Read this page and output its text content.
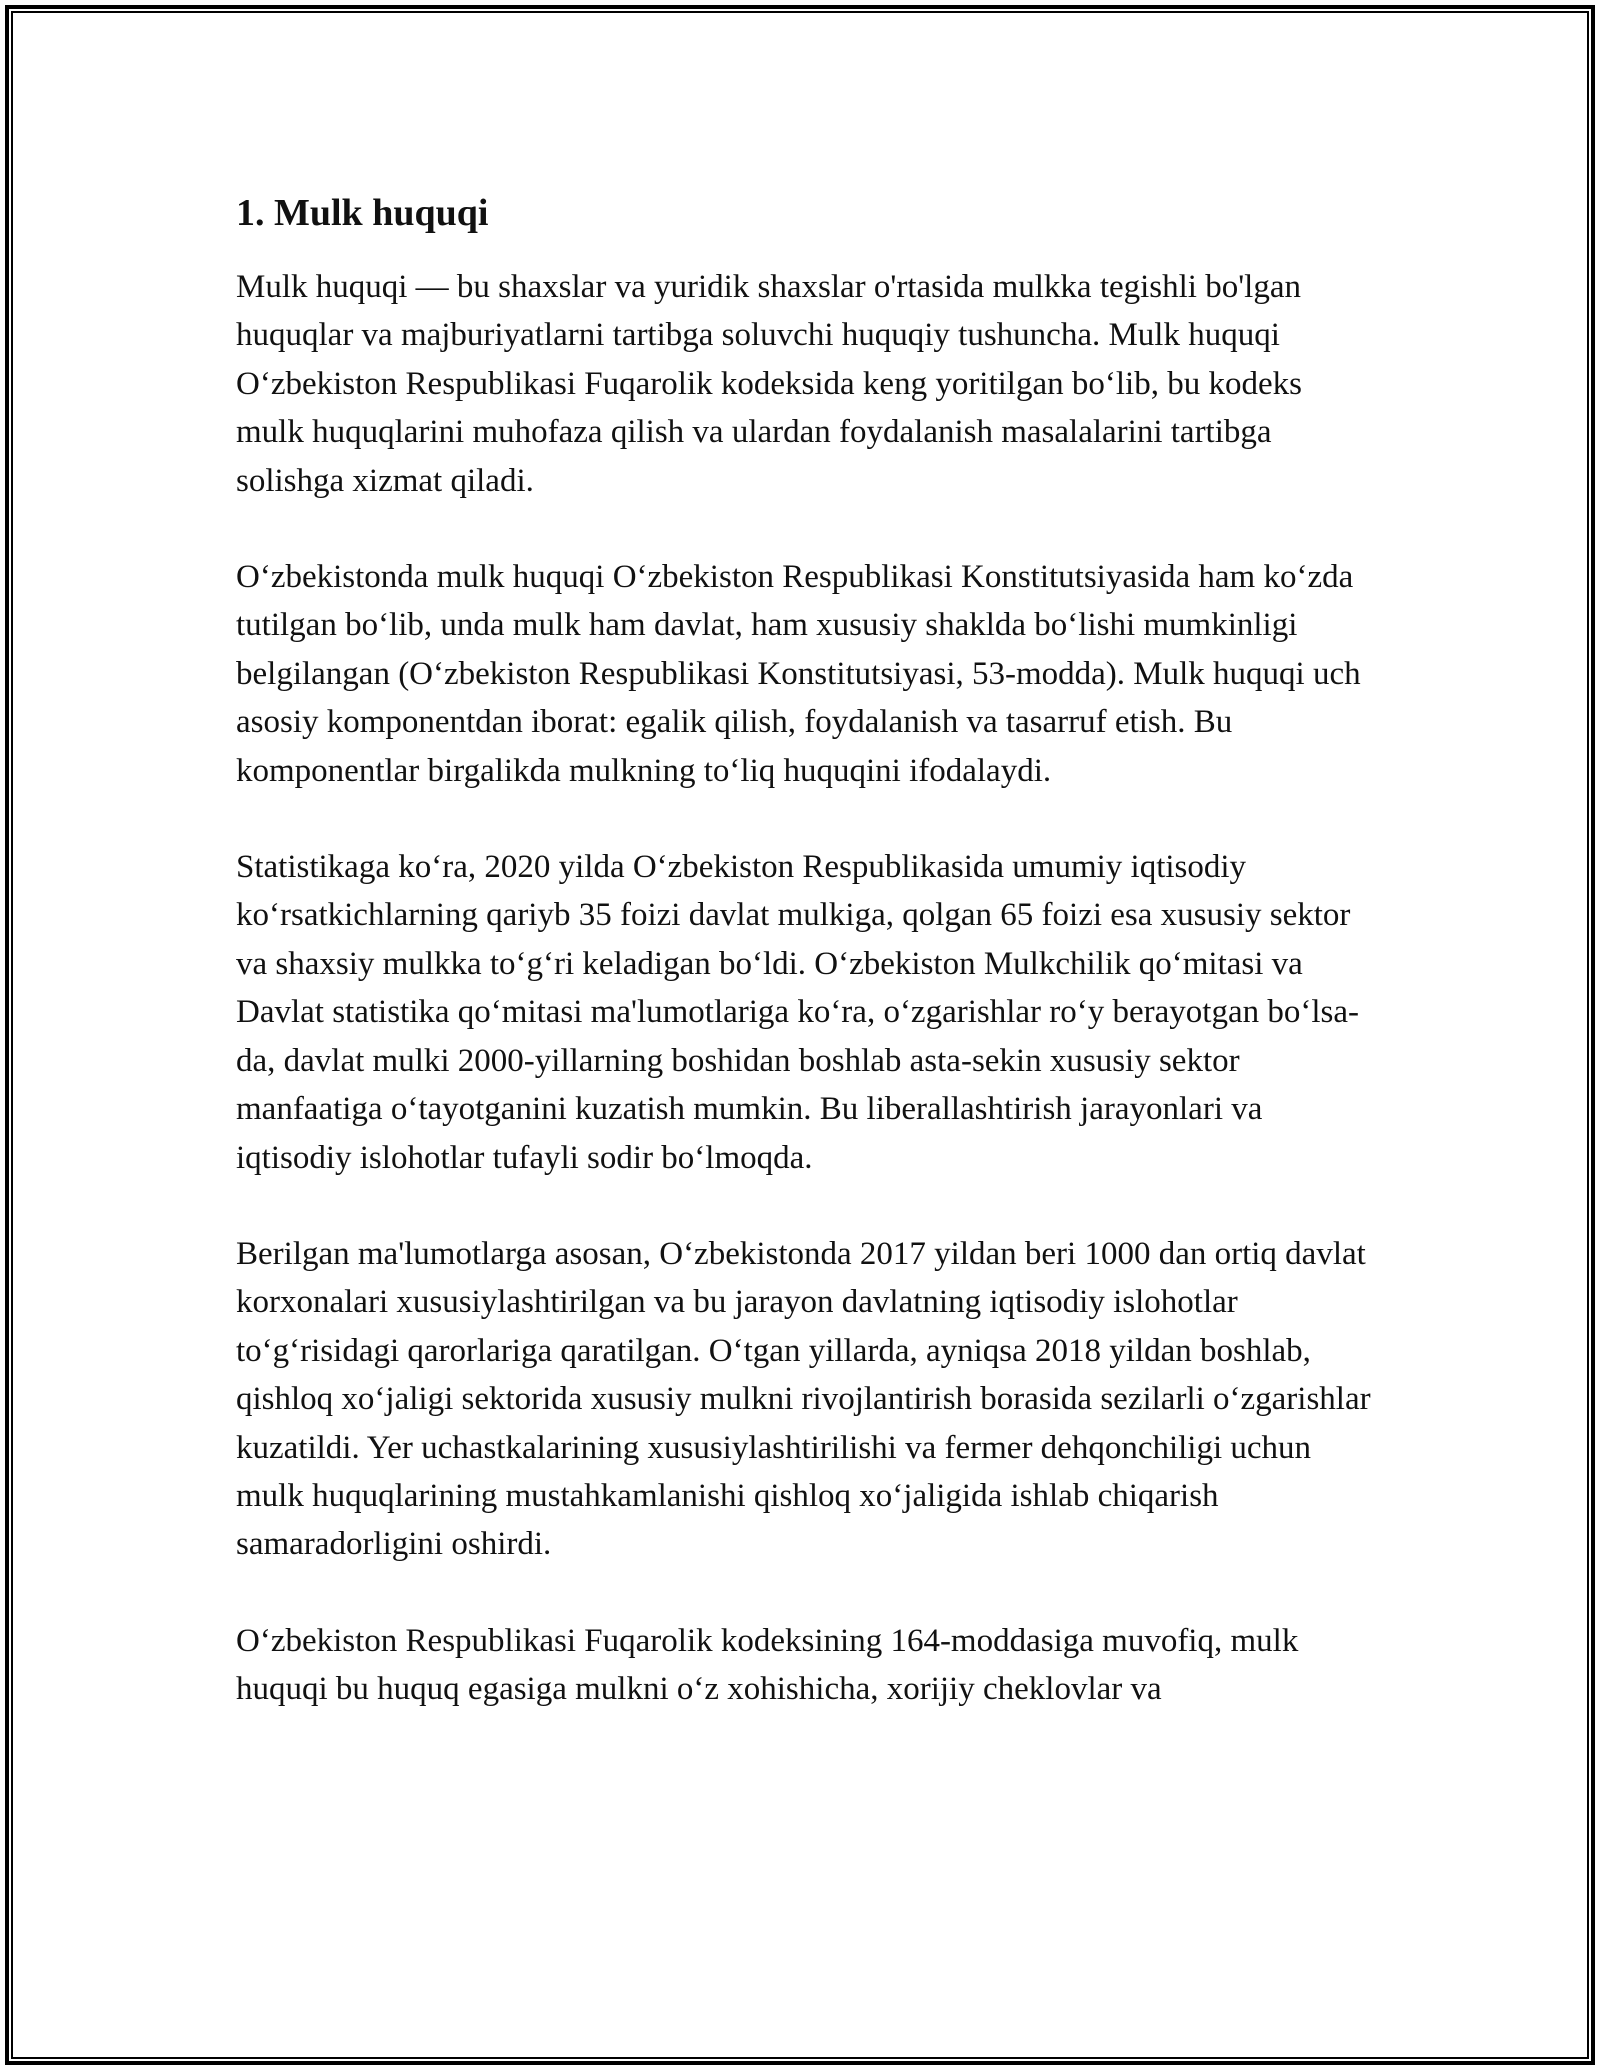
1. Mulk huquqi

Mulk huquqi — bu shaxslar va yuridik shaxslar o'rtasida mulkka tegishli bo'lgan huquqlar va majburiyatlarni tartibga soluvchi huquqiy tushuncha. Mulk huquqi O‘zbekiston Respublikasi Fuqarolik kodeksida keng yoritilgan bo‘lib, bu kodeks mulk huquqlarini muhofaza qilish va ulardan foydalanish masalalarini tartibga solishga xizmat qiladi.

O‘zbekistonda mulk huquqi O‘zbekiston Respublikasi Konstitutsiyasida ham ko‘zda tutilgan bo‘lib, unda mulk ham davlat, ham xususiy shaklda bo‘lishi mumkinligi belgilangan (O‘zbekiston Respublikasi Konstitutsiyasi, 53-modda). Mulk huquqi uch asosiy komponentdan iborat: egalik qilish, foydalanish va tasarruf etish. Bu komponentlar birgalikda mulkning to‘liq huquqini ifodalaydi.

Statistikaga ko‘ra, 2020 yilda O‘zbekiston Respublikasida umumiy iqtisodiy ko‘rsatkichlarning qariyb 35 foizi davlat mulkiga, qolgan 65 foizi esa xususiy sektor va shaxsiy mulkka to‘g‘ri keladigan bo‘ldi. O‘zbekiston Mulkchilik qo‘mitasi va Davlat statistika qo‘mitasi ma'lumotlariga ko‘ra, o‘zgarishlar ro‘y berayotgan bo‘lsa-da, davlat mulki 2000-yillarning boshidan boshlab asta-sekin xususiy sektor manfaatiga o‘tayotganini kuzatish mumkin. Bu liberallashtirish jarayonlari va iqtisodiy islohotlar tufayli sodir bo‘lmoqda.

Berilgan ma'lumotlarga asosan, O‘zbekistonda 2017 yildan beri 1000 dan ortiq davlat korxonalari xususiylashtirilgan va bu jarayon davlatning iqtisodiy islohotlar to‘g‘risidagi qarorlariga qaratilgan. O‘tgan yillarda, ayniqsa 2018 yildan boshlab, qishloq xo‘jaligi sektorida xususiy mulkni rivojlantirish borasida sezilarli o‘zgarishlar kuzatildi. Yer uchastkalarining xususiylashtirilishi va fermer dehqonchiligi uchun mulk huquqlarining mustahkamlanishi qishloq xo‘jaligida ishlab chiqarish samaradorligini oshirdi.

O‘zbekiston Respublikasi Fuqarolik kodeksining 164-moddasiga muvofiq, mulk huquqi bu huquq egasiga mulkni o‘z xohishicha, xorijiy cheklovlar va
